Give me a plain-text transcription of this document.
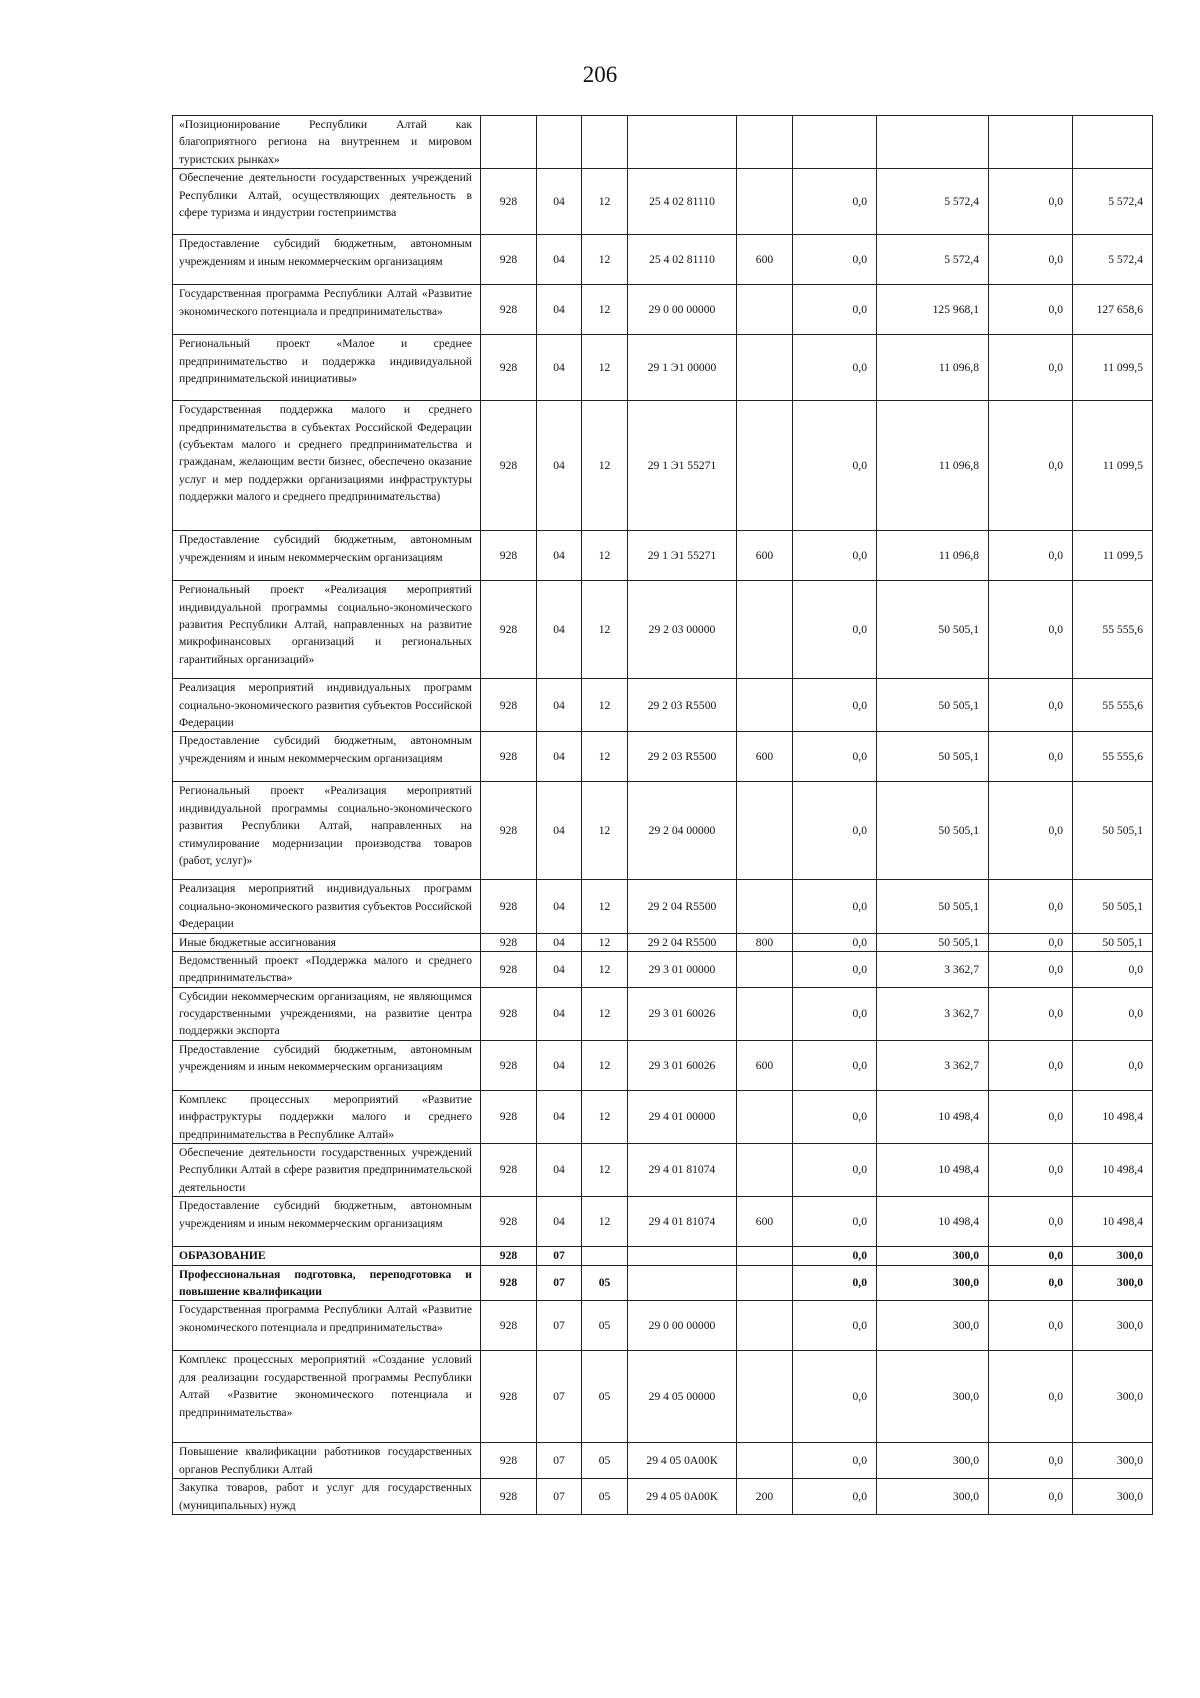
206
«Позиционирование Республики Алтай как благоприятного региона на внутреннем и мировом туристских рынках»									
Обеспечение деятельности государственных учреждений Республики Алтай, осуществляющих деятельность в сфере туризма и индустрии гостеприимства	928	04	12	25 4 02 81110		0,0	5 572,4	0,0	5 572,4
Предоставление субсидий бюджетным, автономным учреждениям и иным некоммерческим организациям	928	04	12	25 4 02 81110	600	0,0	5 572,4	0,0	5 572,4
Государственная программа Республики Алтай «Развитие экономического потенциала и предпринимательства»	928	04	12	29 0 00 00000		0,0	125 968,1	0,0	127 658,6
Региональный проект «Малое и среднее предпринимательство и поддержка индивидуальной предпринимательской инициативы»	928	04	12	29 1 Э1 00000		0,0	11 096,8	0,0	11 099,5
Государственная поддержка малого и среднего предпринимательства в субъектах Российской Федерации (субъектам малого и среднего предпринимательства и гражданам, желающим вести бизнес, обеспечено оказание услуг и мер поддержки организациями инфраструктуры поддержки малого и среднего предпринимательства)	928	04	12	29 1 Э1 55271		0,0	11 096,8	0,0	11 099,5
Предоставление субсидий бюджетным, автономным учреждениям и иным некоммерческим организациям	928	04	12	29 1 Э1 55271	600	0,0	11 096,8	0,0	11 099,5
Региональный проект «Реализация мероприятий индивидуальной программы социально-экономического развития Республики Алтай, направленных на развитие микрофинансовых организаций и региональных гарантийных организаций»	928	04	12	29 2 03 00000		0,0	50 505,1	0,0	55 555,6
Реализация мероприятий индивидуальных программ социально-экономического развития субъектов Российской Федерации	928	04	12	29 2 03 R5500		0,0	50 505,1	0,0	55 555,6
Предоставление субсидий бюджетным, автономным учреждениям и иным некоммерческим организациям	928	04	12	29 2 03 R5500	600	0,0	50 505,1	0,0	55 555,6
Региональный проект «Реализация мероприятий индивидуальной программы социально-экономического развития Республики Алтай, направленных на стимулирование модернизации производства товаров (работ, услуг)»	928	04	12	29 2 04 00000		0,0	50 505,1	0,0	50 505,1
Реализация мероприятий индивидуальных программ социально-экономического развития субъектов Российской Федерации	928	04	12	29 2 04 R5500		0,0	50 505,1	0,0	50 505,1
Иные бюджетные ассигнования	928	04	12	29 2 04 R5500	800	0,0	50 505,1	0,0	50 505,1
Ведомственный проект «Поддержка малого и среднего предпринимательства»	928	04	12	29 3 01 00000		0,0	3 362,7	0,0	0,0
Субсидии некоммерческим организациям, не являющимся государственными учреждениями, на развитие центра поддержки экспорта	928	04	12	29 3 01 60026		0,0	3 362,7	0,0	0,0
Предоставление субсидий бюджетным, автономным учреждениям и иным некоммерческим организациям	928	04	12	29 3 01 60026	600	0,0	3 362,7	0,0	0,0
Комплекс процессных мероприятий «Развитие инфраструктуры поддержки малого и среднего предпринимательства в Республике Алтай»	928	04	12	29 4 01 00000		0,0	10 498,4	0,0	10 498,4
Обеспечение деятельности государственных учреждений Республики Алтай в сфере развития предпринимательской деятельности	928	04	12	29 4 01 81074		0,0	10 498,4	0,0	10 498,4
Предоставление субсидий бюджетным, автономным учреждениям и иным некоммерческим организациям	928	04	12	29 4 01 81074	600	0,0	10 498,4	0,0	10 498,4
ОБРАЗОВАНИЕ	928	07				0,0	300,0	0,0	300,0
Профессиональная подготовка, переподготовка и повышение квалификации	928	07	05			0,0	300,0	0,0	300,0
Государственная программа Республики Алтай «Развитие экономического потенциала и предпринимательства»	928	07	05	29 0 00 00000		0,0	300,0	0,0	300,0
Комплекс процессных мероприятий «Создание условий для реализации государственной программы Республики Алтай «Развитие экономического потенциала и предпринимательства»	928	07	05	29 4 05 00000		0,0	300,0	0,0	300,0
Повышение квалификации работников государственных органов Республики Алтай	928	07	05	29 4 05 0А00К		0,0	300,0	0,0	300,0
Закупка товаров, работ и услуг для государственных (муниципальных) нужд	928	07	05	29 4 05 0А00К	200	0,0	300,0	0,0	300,0
